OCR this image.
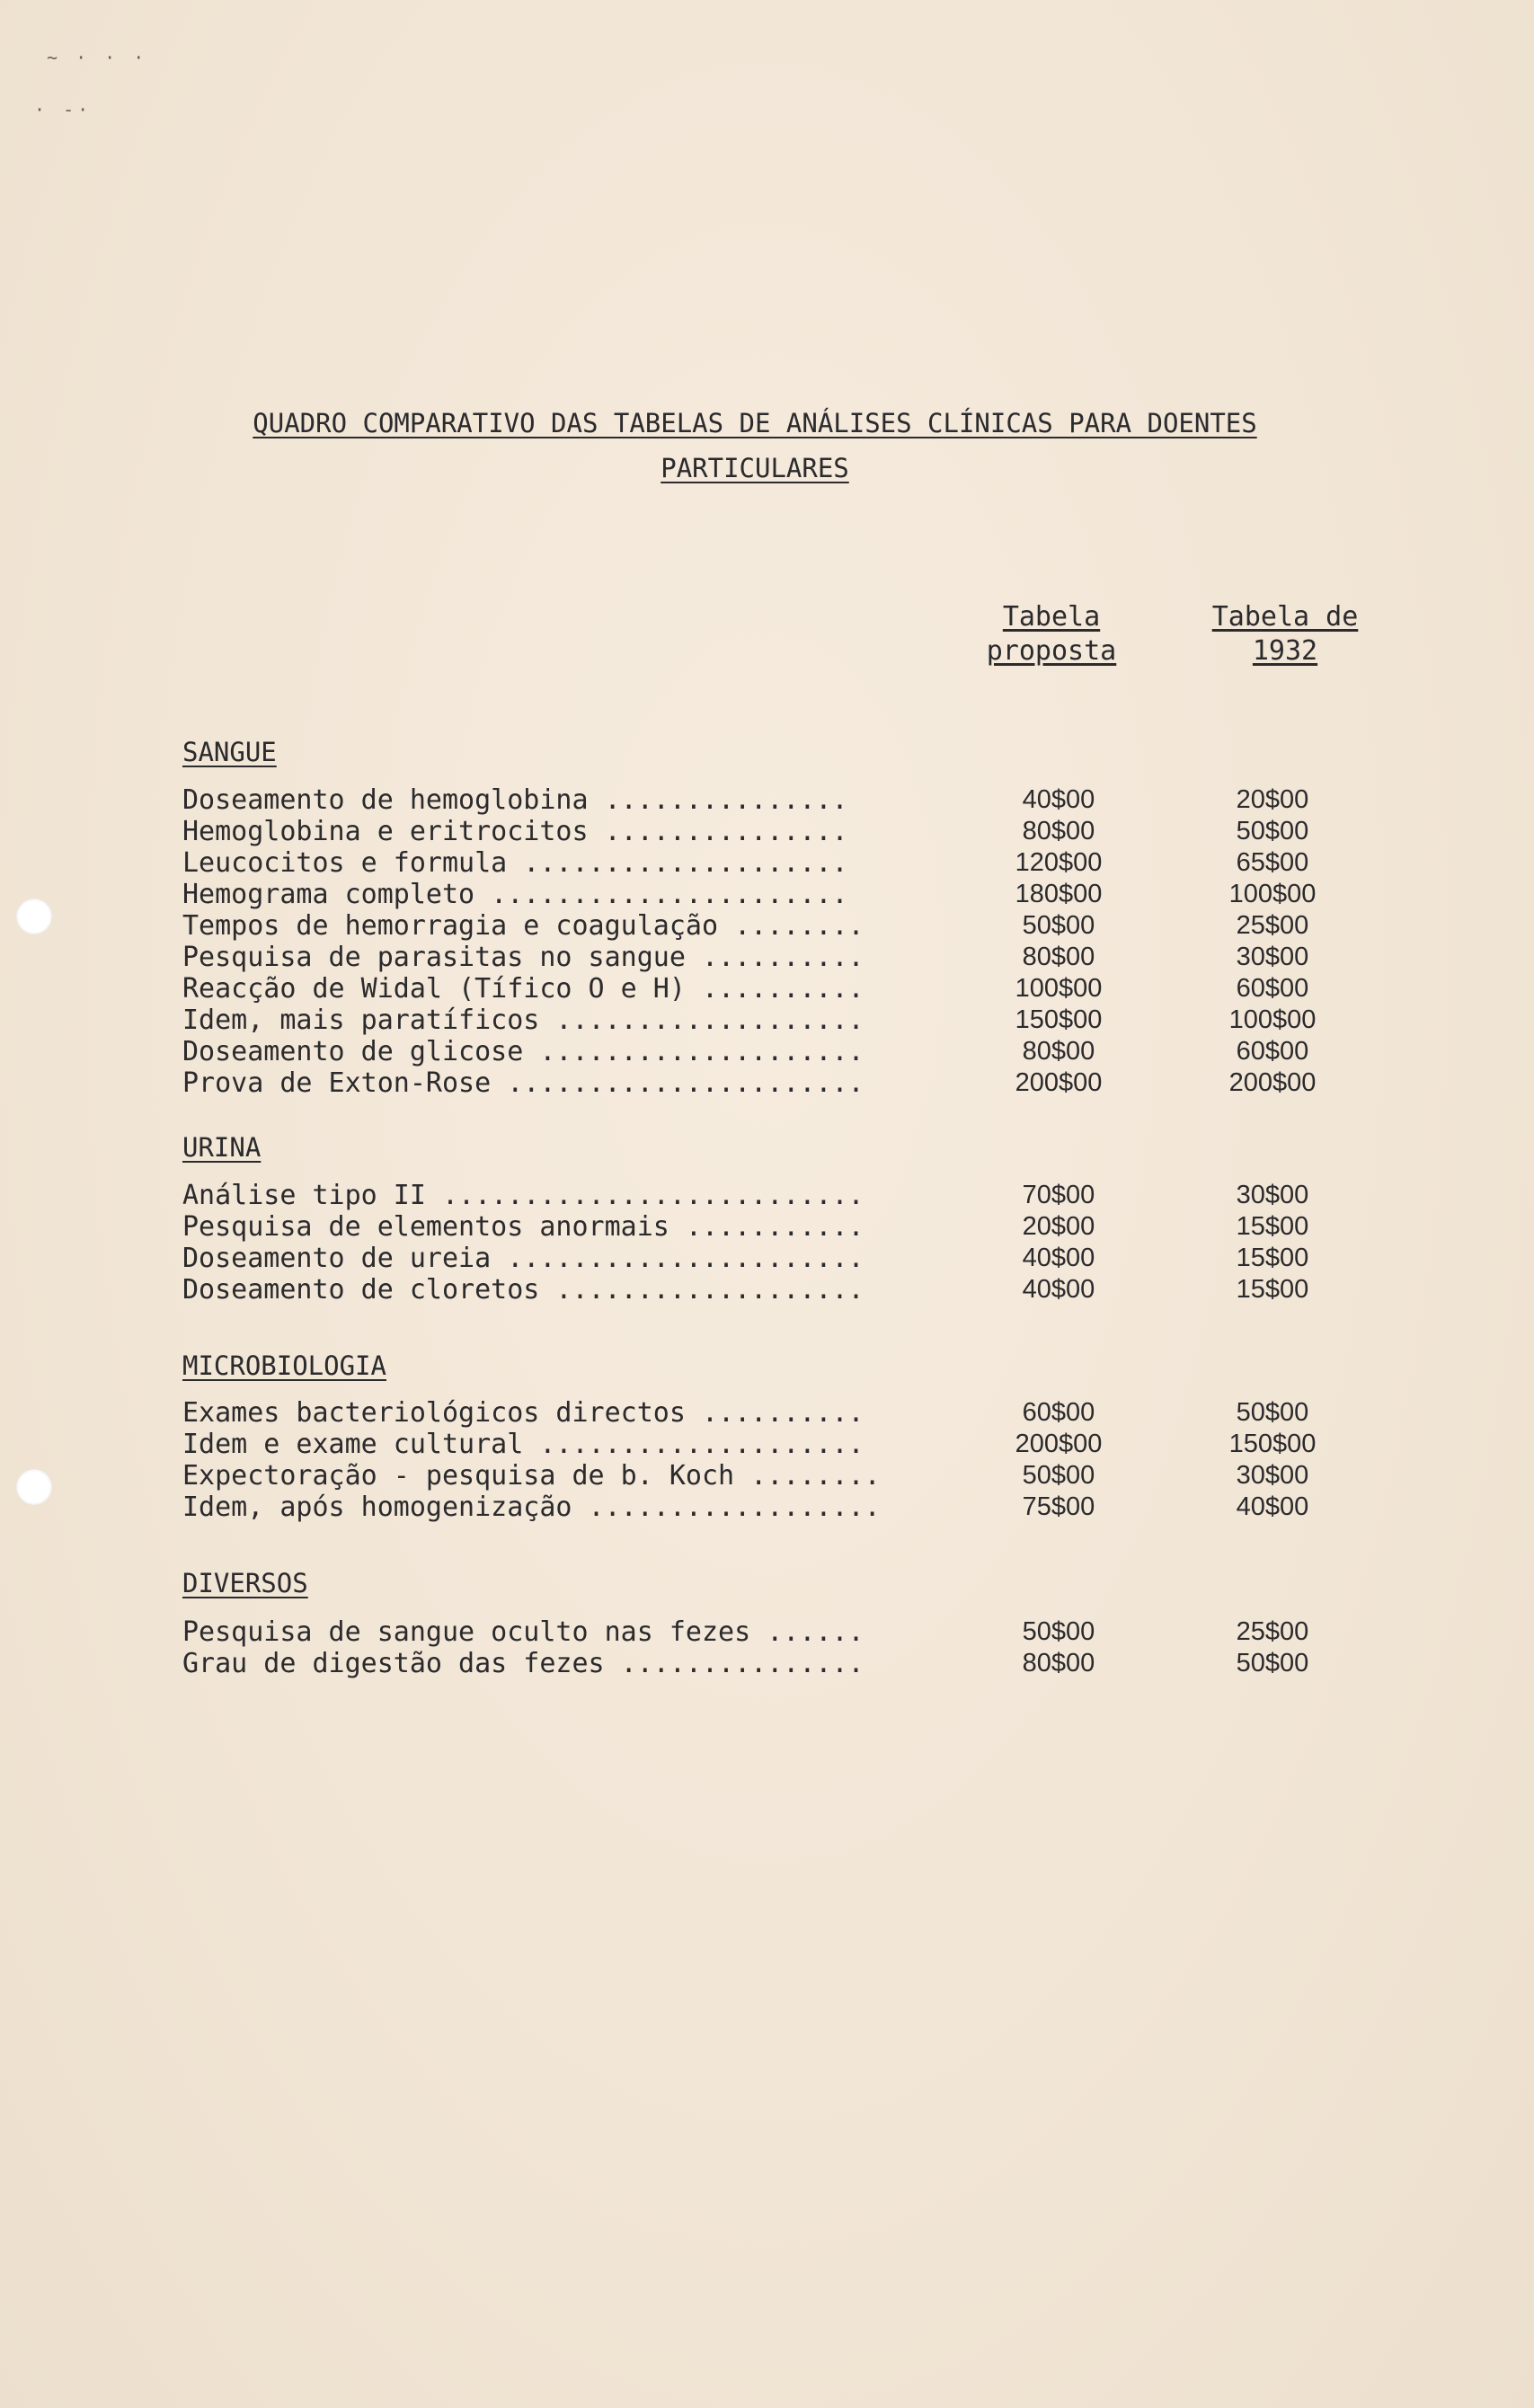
~ · · ·
· -·
QUADRO COMPARATIVO DAS TABELAS DE ANÁLISES CLÍNICAS PARA DOENTES
PARTICULARES
Tabela
proposta
Tabela de
1932
SANGUE
Doseamento de hemoglobina ...............	40$00	20$00
Hemoglobina e eritrocitos ...............	80$00	50$00
Leucocitos e formula ....................	120$00	65$00
Hemograma completo ......................	180$00	100$00
Tempos de hemorragia e coagulação ........	50$00	25$00
Pesquisa de parasitas no sangue ..........	80$00	30$00
Reacção de Widal (Tífico O e H) ..........	100$00	60$00
Idem, mais paratíficos ...................	150$00	100$00
Doseamento de glicose ....................	80$00	60$00
Prova de Exton-Rose ......................	200$00	200$00
URINA
Análise tipo II ..........................	70$00	30$00
Pesquisa de elementos anormais ...........	20$00	15$00
Doseamento de ureia ......................	40$00	15$00
Doseamento de cloretos ...................	40$00	15$00
MICROBIOLOGIA
Exames bacteriológicos directos ..........	60$00	50$00
Idem e exame cultural ....................	200$00	150$00
Expectoração - pesquisa de b. Koch ........	50$00	30$00
Idem, após homogenização ..................	75$00	40$00
DIVERSOS
Pesquisa de sangue oculto nas fezes ......	50$00	25$00
Grau de digestão das fezes ...............	80$00	50$00
